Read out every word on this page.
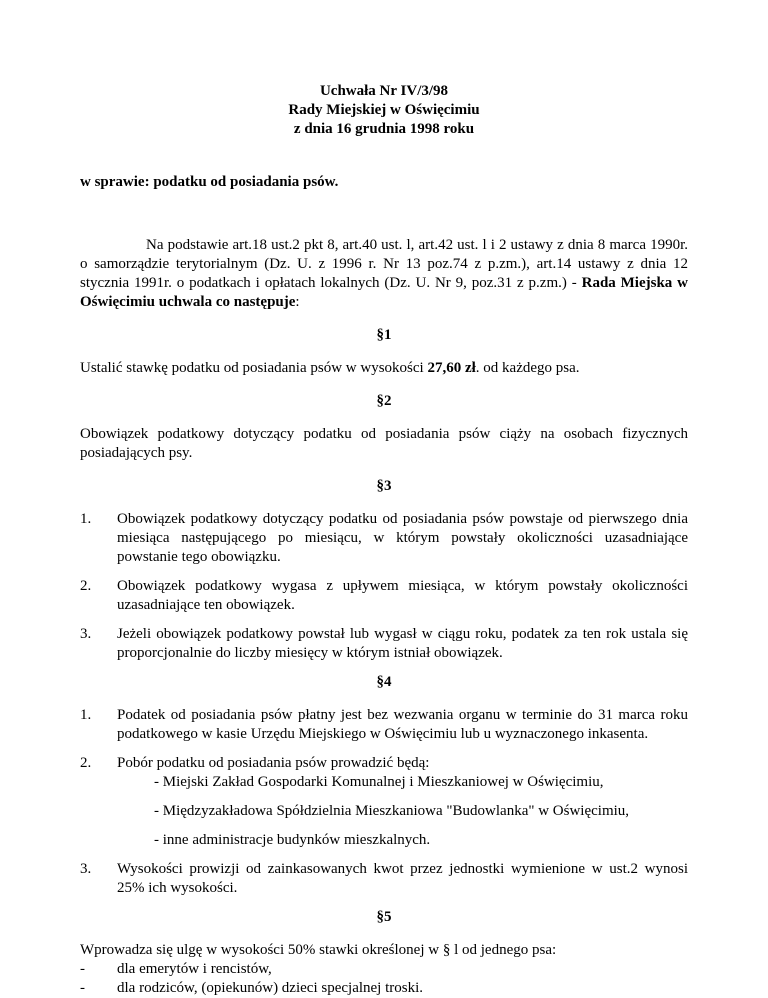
Uchwała Nr IV/3/98
Rady Miejskiej w Oświęcimiu
z dnia 16 grudnia 1998 roku

w sprawie: podatku od posiadania psów.

Na podstawie art.18 ust.2 pkt 8, art.40 ust. l, art.42 ust. l i 2 ustawy z dnia 8 marca 1990r. o samorządzie terytorialnym (Dz. U. z 1996 r. Nr 13 poz.74 z p.zm.), art.14 ustawy z dnia 12 stycznia 1991r. o podatkach i opłatach lokalnych (Dz. U. Nr 9, poz.31 z p.zm.) - Rada Miejska w Oświęcimiu uchwala co następuje:

§1

Ustalić stawkę podatku od posiadania psów w wysokości 27,60 zł. od każdego psa.

§2

Obowiązek podatkowy dotyczący podatku od posiadania psów ciąży na osobach fizycznych posiadających psy.

§3
1. Obowiązek podatkowy dotyczący podatku od posiadania psów powstaje od pierwszego dnia miesiąca następującego po miesiącu, w którym powstały okoliczności uzasadniające powstanie tego obowiązku.
2. Obowiązek podatkowy wygasa z upływem miesiąca, w którym powstały okoliczności uzasadniające ten obowiązek.
3. Jeżeli obowiązek podatkowy powstał lub wygasł w ciągu roku, podatek za ten rok ustala się proporcjonalnie do liczby miesięcy w którym istniał obowiązek.
§4
1. Podatek od posiadania psów płatny jest bez wezwania organu w terminie do 31 marca roku podatkowego w kasie Urzędu Miejskiego w Oświęcimiu lub u wyznaczonego inkasenta.
2. Pobór podatku od posiadania psów prowadzić będą:
- Miejski Zakład Gospodarki Komunalnej i Mieszkaniowej w Oświęcimiu,
- Międzyzakładowa Spółdzielnia Mieszkaniowa "Budowlanka" w Oświęcimiu,
- inne administracje budynków mieszkalnych.
3. Wysokości prowizji od zainkasowanych kwot przez jednostki wymienione w ust.2 wynosi 25% ich wysokości.
§5

Wprowadza się ulgę w wysokości 50% stawki określonej w § l od jednego psa:

- dla emerytów i rencistów,
- dla rodziców, (opiekunów) dzieci specjalnej troski.
